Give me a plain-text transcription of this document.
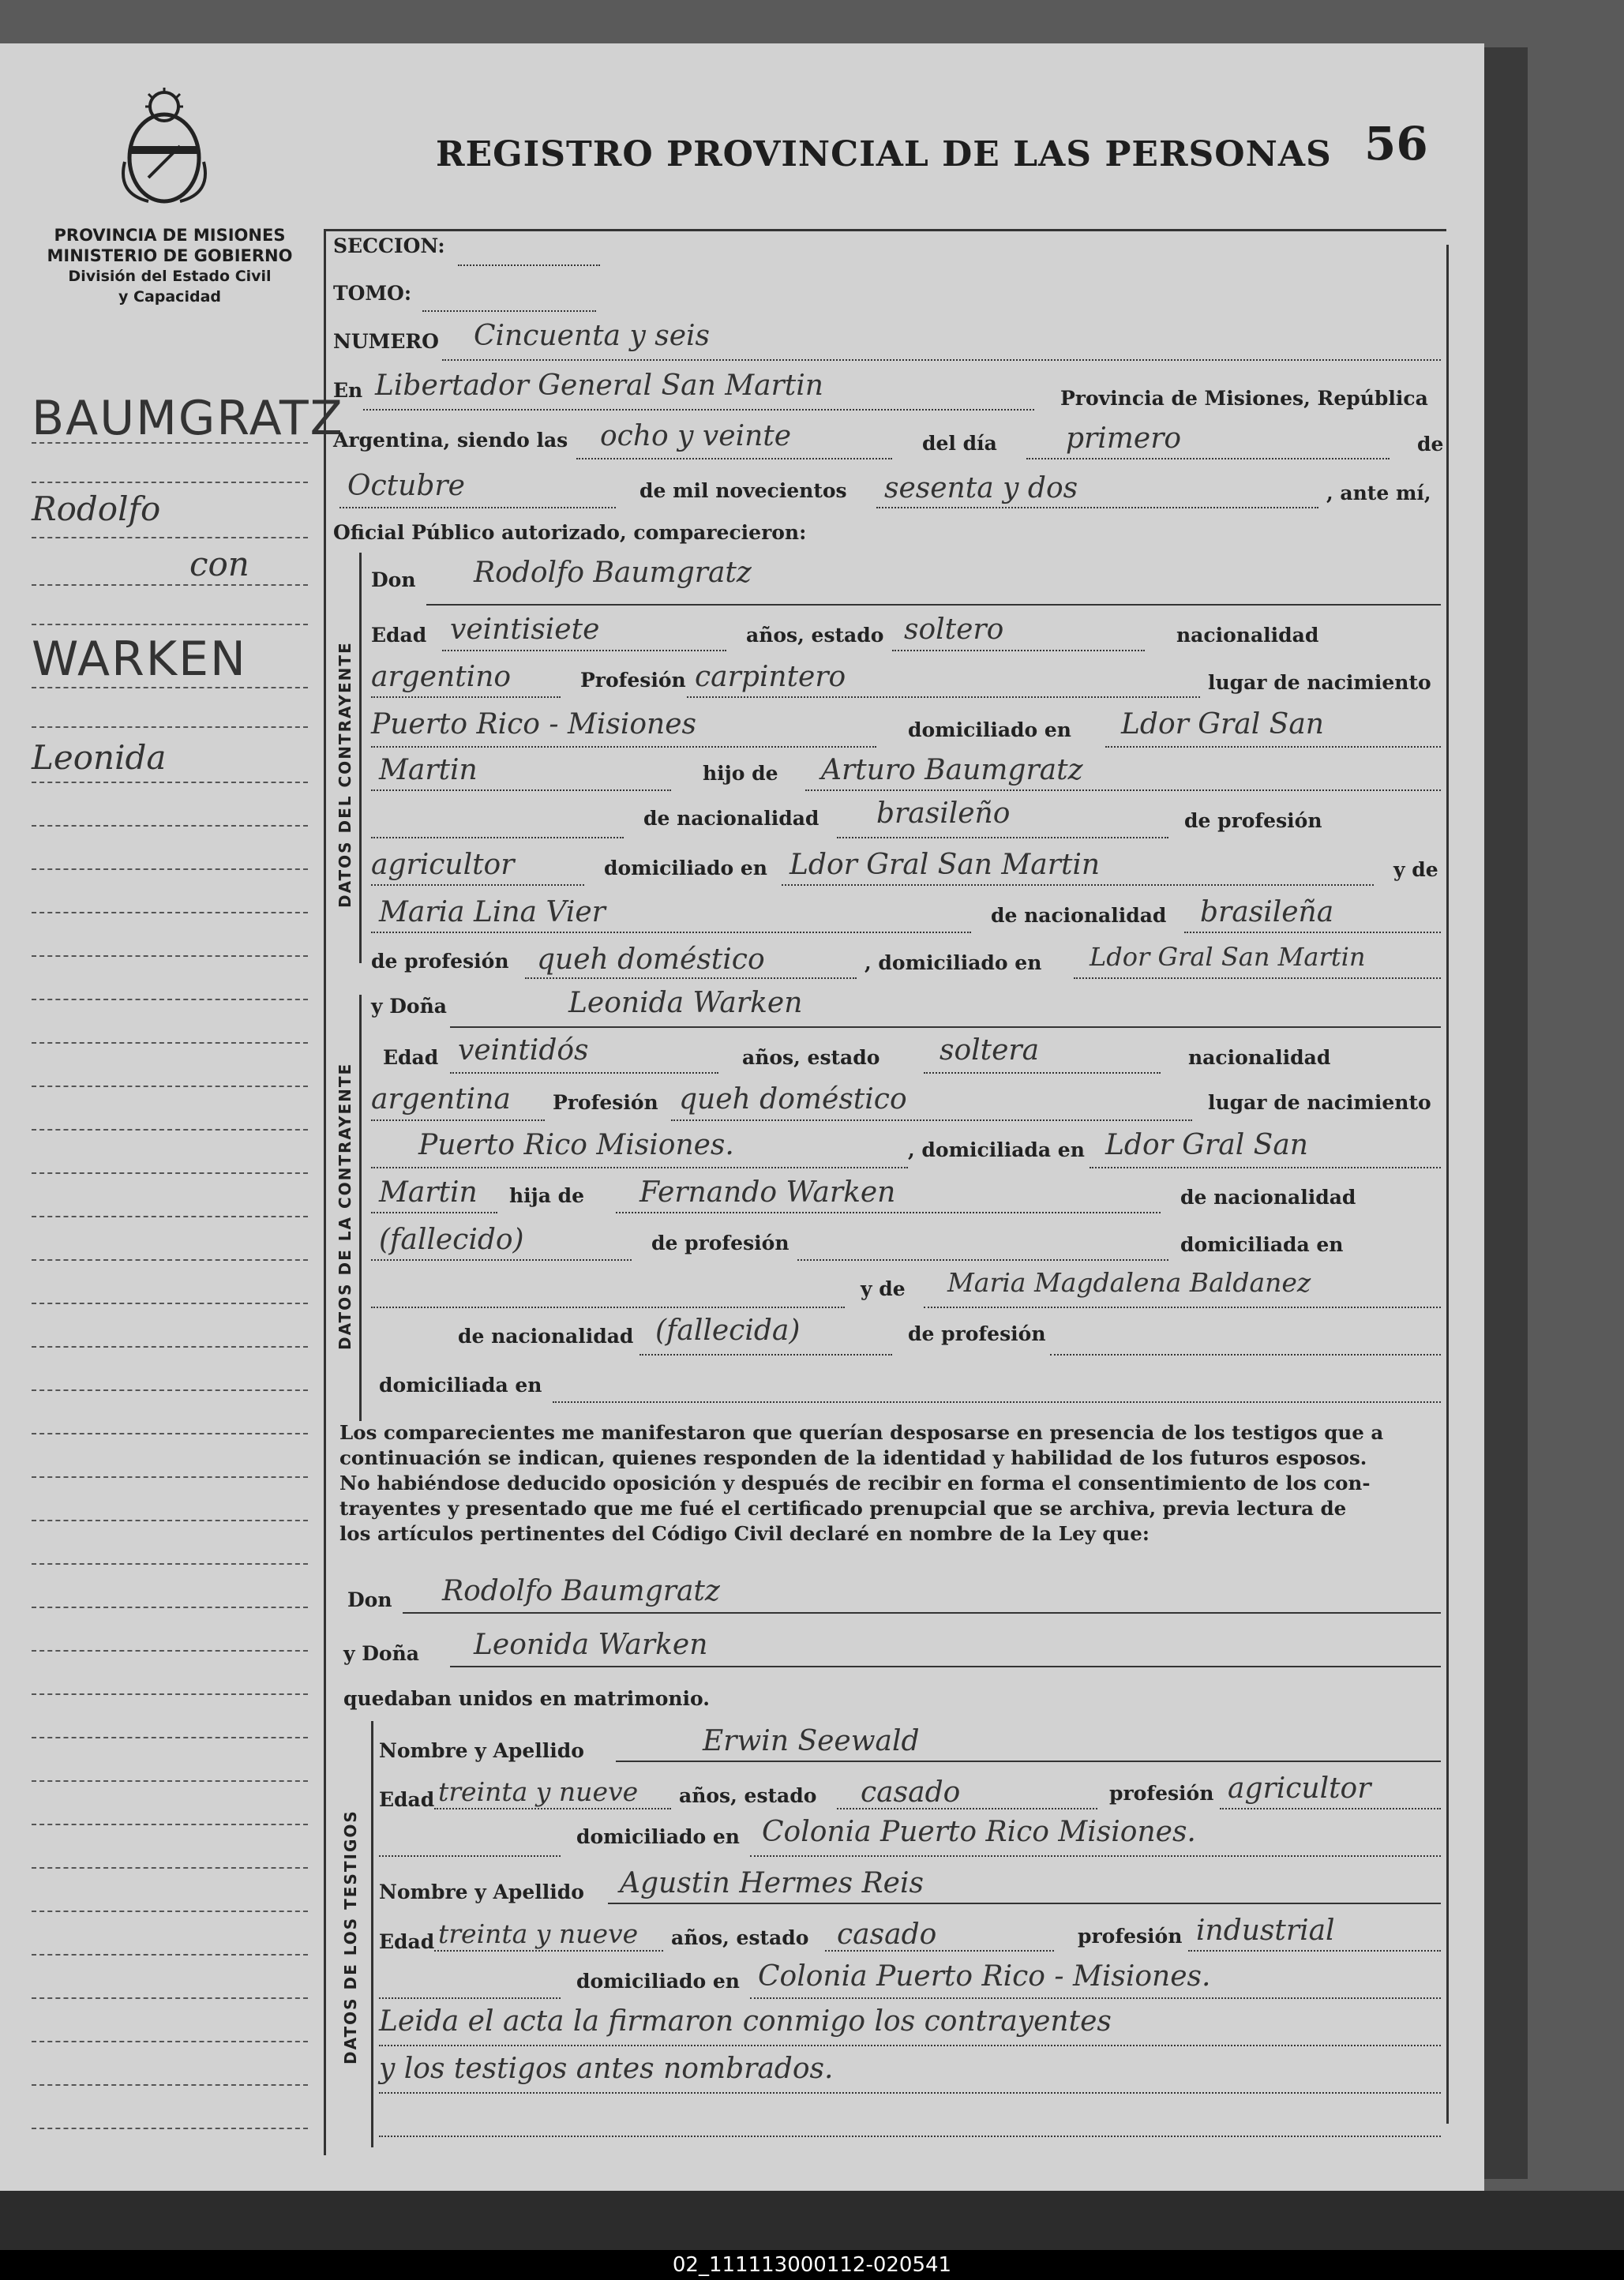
PROVINCIA DE MISIONES
MINISTERIO DE GOBIERNO
División del Estado Civil
y Capacidad
REGISTRO PROVINCIAL DE LAS PERSONAS 56
BAUMGRATZ
Rodolfo
con
WARKEN
Leonida	DATOS DEL CONTRAYENTE
DATOS DE LA CONTRAYENTE
DATOS DE LOS TESTIGOS
SECCION:
TOMO:
NUMERO Cincuenta y seis
En Libertador General San Martin	Provincia de Misiones, República
Argentina, siendo las ocho y veinte	del día primero	de
Octubre	de mil novecientos sesenta y dos	, ante mí,
Oficial Público autorizado, comparecieron:
Don Rodolfo Baumgratz
Edad veintisiete	años, estado soltero	nacionalidad
argentino	Profesión carpintero	lugar de nacimiento
Puerto Rico - Misiones	domiciliado en Ldor Gral San
Martin	hijo de Arturo Baumgratz
de nacionalidad brasileño	de profesión
agricultor	domiciliado en Ldor Gral San Martin	y de
Maria Lina Vier	de nacionalidad brasileña
de profesión queh doméstico	, domiciliado en Ldor Gral San Martin
y Doña	Leonida Warken
Edad veintidós	años, estado soltera	nacionalidad
argentina Profesión queh doméstico	lugar de nacimiento
Puerto Rico Misiones.	, domiciliada en Ldor Gral San
Martin hija de Fernando Warken	de nacionalidad
(fallecido)	de profesión	domiciliada en
y de Maria Magdalena Baldanez
de nacionalidad (fallecida)	de profesión
domiciliada en
Los comparecientes me manifestaron que querían desposarse en presencia de los testigos que a
continuación se indican, quienes responden de la identidad y habilidad de los futuros esposos.
No habiéndose deducido oposición y después de recibir en forma el consentimiento de los con-
trayentes y presentado que me fué el certificado prenupcial que se archiva, previa lectura de
los artículos pertinentes del Código Civil declaré en nombre de la Ley que:
Don Rodolfo Baumgratz
y Doña Leonida Warken
quedaban unidos en matrimonio.
Nombre y Apellido	Erwin Seewald
Edad treinta y nueve años, estado casado	profesión agricultor
domiciliado en Colonia Puerto Rico Misiones.
Nombre y Apellido Agustin Hermes Reis
Edad treinta y nueve años, estado casado	profesión industrial
domiciliado en Colonia Puerto Rico - Misiones.
Leida el acta la firmaron conmigo los contrayentes
y los testigos antes nombrados.
02_111113000112-020541
